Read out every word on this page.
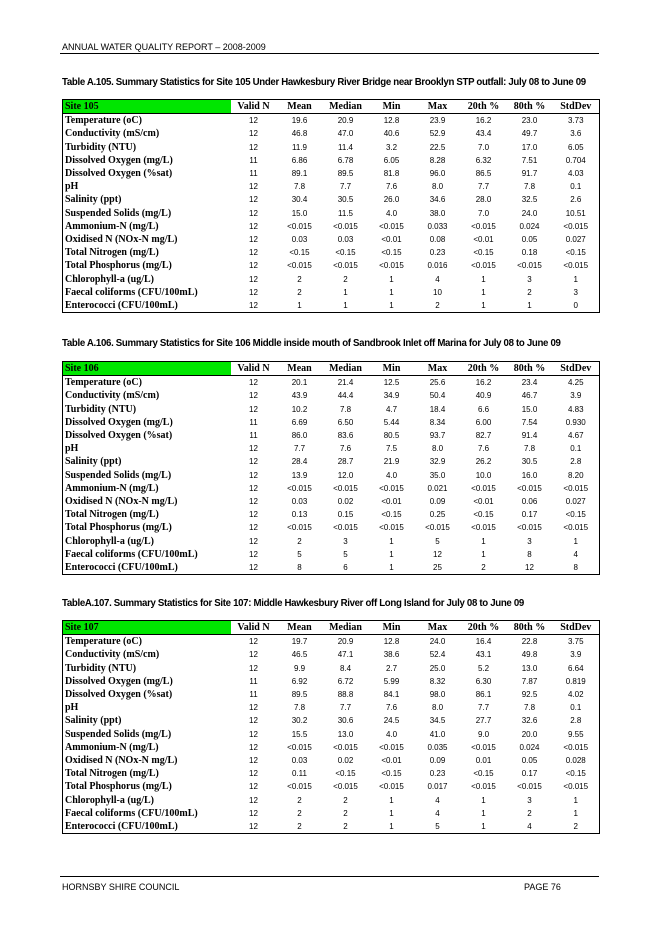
ANNUAL WATER QUALITY REPORT – 2008-2009
Table A.105. Summary Statistics for Site 105 Under Hawkesbury River Bridge near Brooklyn STP outfall: July 08 to June 09
Site 105	Valid N	Mean	Median	Min	Max	20th %	80th %	StdDev
Temperature (oC)	12	19.6	20.9	12.8	23.9	16.2	23.0	3.73
Conductivity (mS/cm)	12	46.8	47.0	40.6	52.9	43.4	49.7	3.6
Turbidity (NTU)	12	11.9	11.4	3.2	22.5	7.0	17.0	6.05
Dissolved Oxygen (mg/L)	11	6.86	6.78	6.05	8.28	6.32	7.51	0.704
Dissolved Oxygen (%sat)	11	89.1	89.5	81.8	96.0	86.5	91.7	4.03
pH	12	7.8	7.7	7.6	8.0	7.7	7.8	0.1
Salinity (ppt)	12	30.4	30.5	26.0	34.6	28.0	32.5	2.6
Suspended Solids (mg/L)	12	15.0	11.5	4.0	38.0	7.0	24.0	10.51
Ammonium-N (mg/L)	12	<0.015	<0.015	<0.015	0.033	<0.015	0.024	<0.015
Oxidised N (NOx-N mg/L)	12	0.03	0.03	<0.01	0.08	<0.01	0.05	0.027
Total Nitrogen (mg/L)	12	<0.15	<0.15	<0.15	0.23	<0.15	0.18	<0.15
Total Phosphorus (mg/L)	12	<0.015	<0.015	<0.015	0.016	<0.015	<0.015	<0.015
Chlorophyll-a (ug/L)	12	2	2	1	4	1	3	1
Faecal coliforms (CFU/100mL)	12	2	1	1	10	1	2	3
Enterococci (CFU/100mL)	12	1	1	1	2	1	1	0
Table A.106. Summary Statistics for Site 106 Middle inside mouth of Sandbrook Inlet off Marina for July 08 to June 09
Site 106	Valid N	Mean	Median	Min	Max	20th %	80th %	StdDev
Temperature (oC)	12	20.1	21.4	12.5	25.6	16.2	23.4	4.25
Conductivity (mS/cm)	12	43.9	44.4	34.9	50.4	40.9	46.7	3.9
Turbidity (NTU)	12	10.2	7.8	4.7	18.4	6.6	15.0	4.83
Dissolved Oxygen (mg/L)	11	6.69	6.50	5.44	8.34	6.00	7.54	0.930
Dissolved Oxygen (%sat)	11	86.0	83.6	80.5	93.7	82.7	91.4	4.67
pH	12	7.7	7.6	7.5	8.0	7.6	7.8	0.1
Salinity (ppt)	12	28.4	28.7	21.9	32.9	26.2	30.5	2.8
Suspended Solids (mg/L)	12	13.9	12.0	4.0	35.0	10.0	16.0	8.20
Ammonium-N (mg/L)	12	<0.015	<0.015	<0.015	0.021	<0.015	<0.015	<0.015
Oxidised N (NOx-N mg/L)	12	0.03	0.02	<0.01	0.09	<0.01	0.06	0.027
Total Nitrogen (mg/L)	12	0.13	0.15	<0.15	0.25	<0.15	0.17	<0.15
Total Phosphorus (mg/L)	12	<0.015	<0.015	<0.015	<0.015	<0.015	<0.015	<0.015
Chlorophyll-a (ug/L)	12	2	3	1	5	1	3	1
Faecal coliforms (CFU/100mL)	12	5	5	1	12	1	8	4
Enterococci (CFU/100mL)	12	8	6	1	25	2	12	8
TableA.107. Summary Statistics for Site 107: Middle Hawkesbury River off Long Island for July 08 to June 09
Site 107	Valid N	Mean	Median	Min	Max	20th %	80th %	StdDev
Temperature (oC)	12	19.7	20.9	12.8	24.0	16.4	22.8	3.75
Conductivity (mS/cm)	12	46.5	47.1	38.6	52.4	43.1	49.8	3.9
Turbidity (NTU)	12	9.9	8.4	2.7	25.0	5.2	13.0	6.64
Dissolved Oxygen (mg/L)	11	6.92	6.72	5.99	8.32	6.30	7.87	0.819
Dissolved Oxygen (%sat)	11	89.5	88.8	84.1	98.0	86.1	92.5	4.02
pH	12	7.8	7.7	7.6	8.0	7.7	7.8	0.1
Salinity (ppt)	12	30.2	30.6	24.5	34.5	27.7	32.6	2.8
Suspended Solids (mg/L)	12	15.5	13.0	4.0	41.0	9.0	20.0	9.55
Ammonium-N (mg/L)	12	<0.015	<0.015	<0.015	0.035	<0.015	0.024	<0.015
Oxidised N (NOx-N mg/L)	12	0.03	0.02	<0.01	0.09	0.01	0.05	0.028
Total Nitrogen (mg/L)	12	0.11	<0.15	<0.15	0.23	<0.15	0.17	<0.15
Total Phosphorus (mg/L)	12	<0.015	<0.015	<0.015	0.017	<0.015	<0.015	<0.015
Chlorophyll-a (ug/L)	12	2	2	1	4	1	3	1
Faecal coliforms (CFU/100mL)	12	2	2	1	4	1	2	1
Enterococci (CFU/100mL)	12	2	2	1	5	1	4	2
HORNSBY SHIRE COUNCIL	PAGE 76
